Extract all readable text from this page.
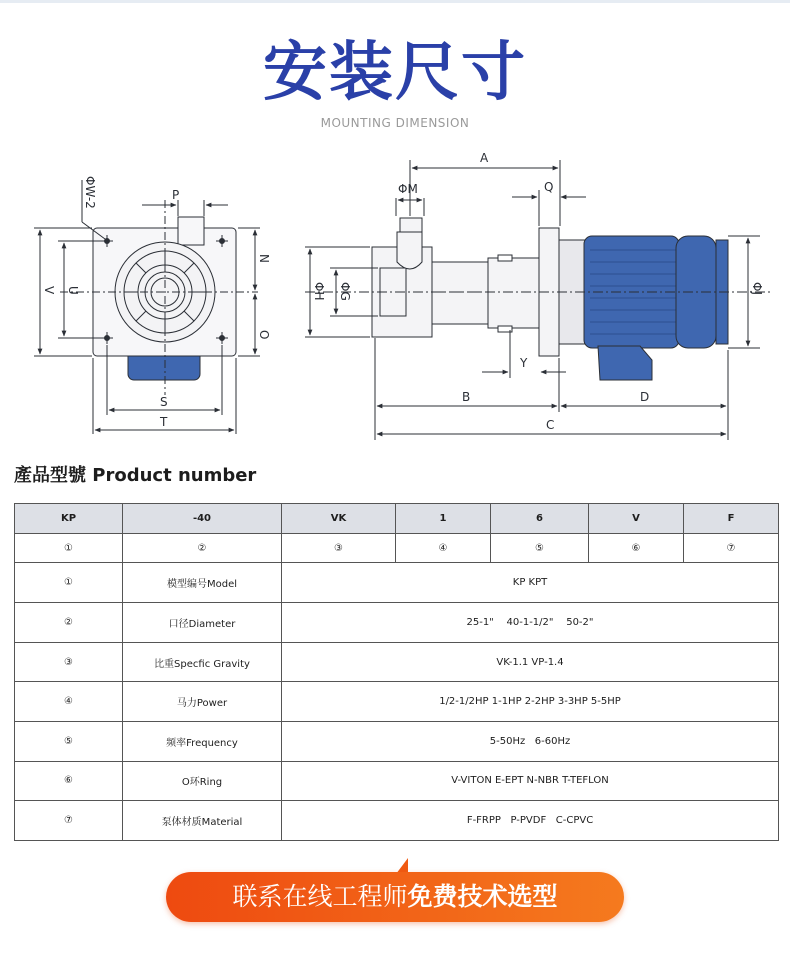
安装尺寸
MOUNTING DIMENSION
ΦW-2	P
N
O
V U
S
T
A
ΦM	Q
ΦH ΦG	ΦJ
Y
B	D
C
產品型號 Product number
KP	-40	VK	1	6	V	F
①	②	③	④	⑤	⑥	⑦
①	模型编号Model	KP KPT				
②	口径Diameter	25-1"    40-1-1/2"    50-2"				
③	比重Specfic Gravity	VK-1.1 VP-1.4				
④	马力Power	1/2-1/2HP 1-1HP 2-2HP 3-3HP 5-5HP				
⑤	频率Frequency	5-50Hz   6-60Hz				
⑥	O环Ring	V-VITON E-EPT N-NBR T-TEFLON				
⑦	泵体材质Material	F-FRPP   P-PVDF   C-CPVC				
联系在线工程师免费技术选型
